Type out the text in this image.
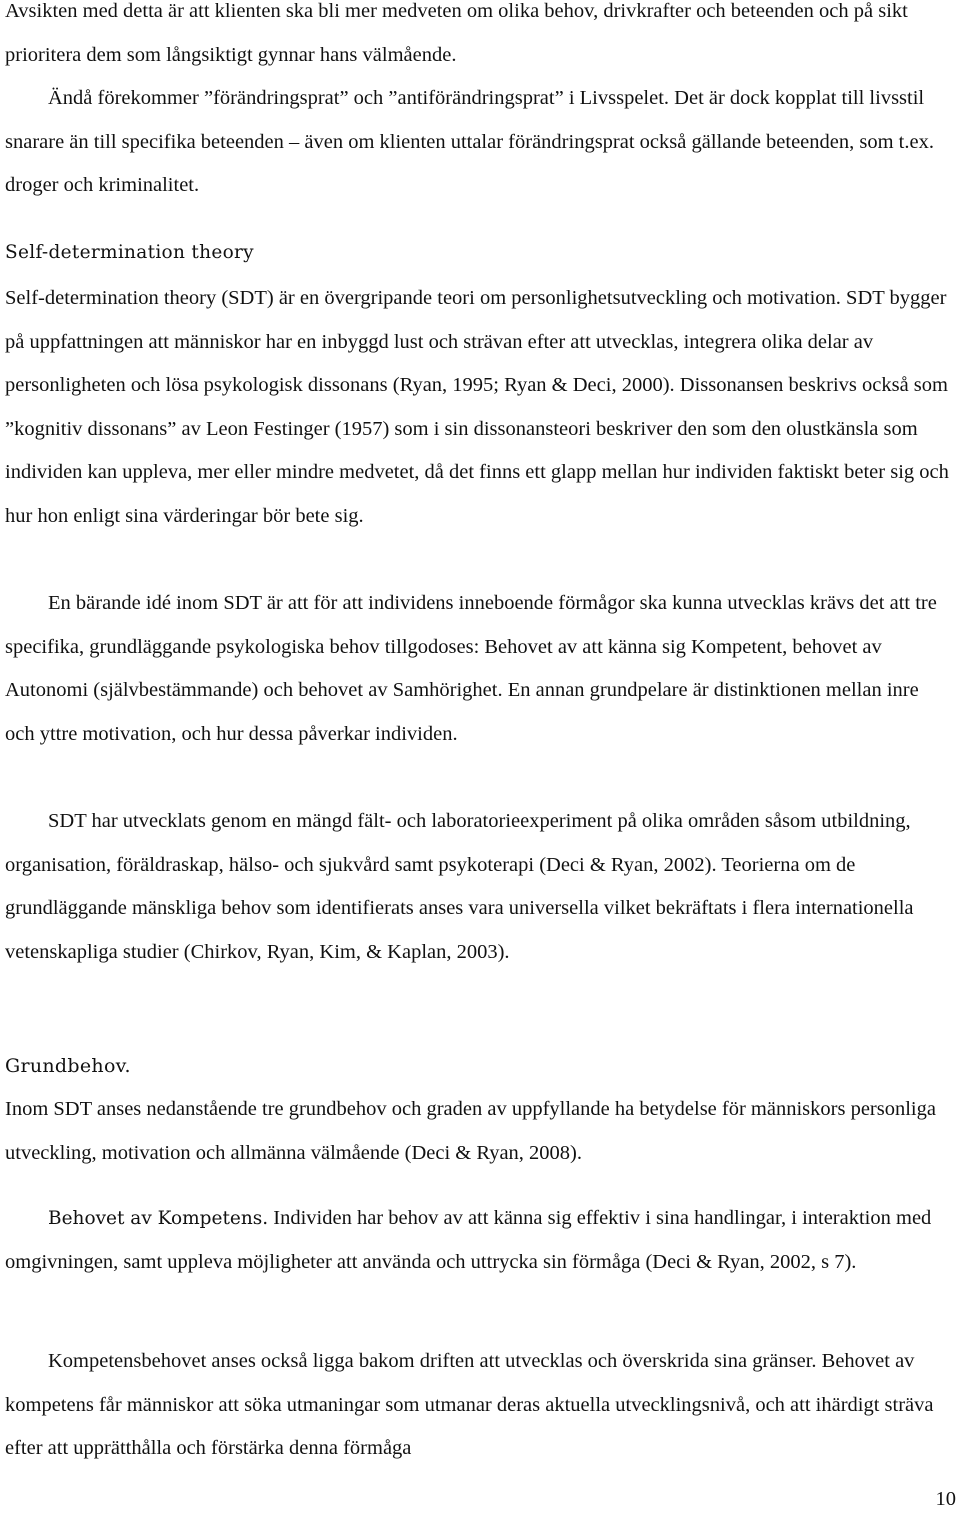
Avsikten med detta är att klienten ska bli mer medveten om olika behov, drivkrafter och beteenden och på sikt prioritera dem som långsiktigt gynnar hans välmående.

Ändå förekommer ”förändringsprat” och ”antiförändringsprat” i Livsspelet. Det är dock kopplat till livsstil snarare än till specifika beteenden – även om klienten uttalar förändringsprat också gällande beteenden, som t.ex. droger och kriminalitet.

Self-determination theory

Self-determination theory (SDT) är en övergripande teori om personlighetsutveckling och motivation. SDT bygger på uppfattningen att människor har en inbyggd lust och strävan efter att utvecklas, integrera olika delar av personligheten och lösa psykologisk dissonans (Ryan, 1995; Ryan & Deci, 2000). Dissonansen beskrivs också som ”kognitiv dissonans” av Leon Festinger (1957) som i sin dissonansteori beskriver den som den olustkänsla som individen kan uppleva, mer eller mindre medvetet, då det finns ett glapp mellan hur individen faktiskt beter sig och hur hon enligt sina värderingar bör bete sig.

En bärande idé inom SDT är att för att individens inneboende förmågor ska kunna utvecklas krävs det att tre specifika, grundläggande psykologiska behov tillgodoses: Behovet av att känna sig Kompetent, behovet av Autonomi (självbestämmande) och behovet av Samhörighet. En annan grundpelare är distinktionen mellan inre och yttre motivation, och hur dessa påverkar individen.

SDT har utvecklats genom en mängd fält- och laboratorieexperiment på olika områden såsom utbildning, organisation, föräldraskap, hälso- och sjukvård samt psykoterapi (Deci & Ryan, 2002). Teorierna om de grundläggande mänskliga behov som identifierats anses vara universella vilket bekräftats i flera internationella vetenskapliga studier (Chirkov, Ryan, Kim, & Kaplan, 2003).

Grundbehov.

Inom SDT anses nedanstående tre grundbehov och graden av uppfyllande ha betydelse för människors personliga utveckling, motivation och allmänna välmående (Deci & Ryan, 2008).

Behovet av Kompetens. Individen har behov av att känna sig effektiv i sina handlingar, i interaktion med omgivningen, samt uppleva möjligheter att använda och uttrycka sin förmåga (Deci & Ryan, 2002, s 7).

Kompetensbehovet anses också ligga bakom driften att utvecklas och överskrida sina gränser. Behovet av kompetens får människor att söka utmaningar som utmanar deras aktuella utvecklingsnivå, och att ihärdigt sträva efter att upprätthålla och förstärka denna förmåga

10
